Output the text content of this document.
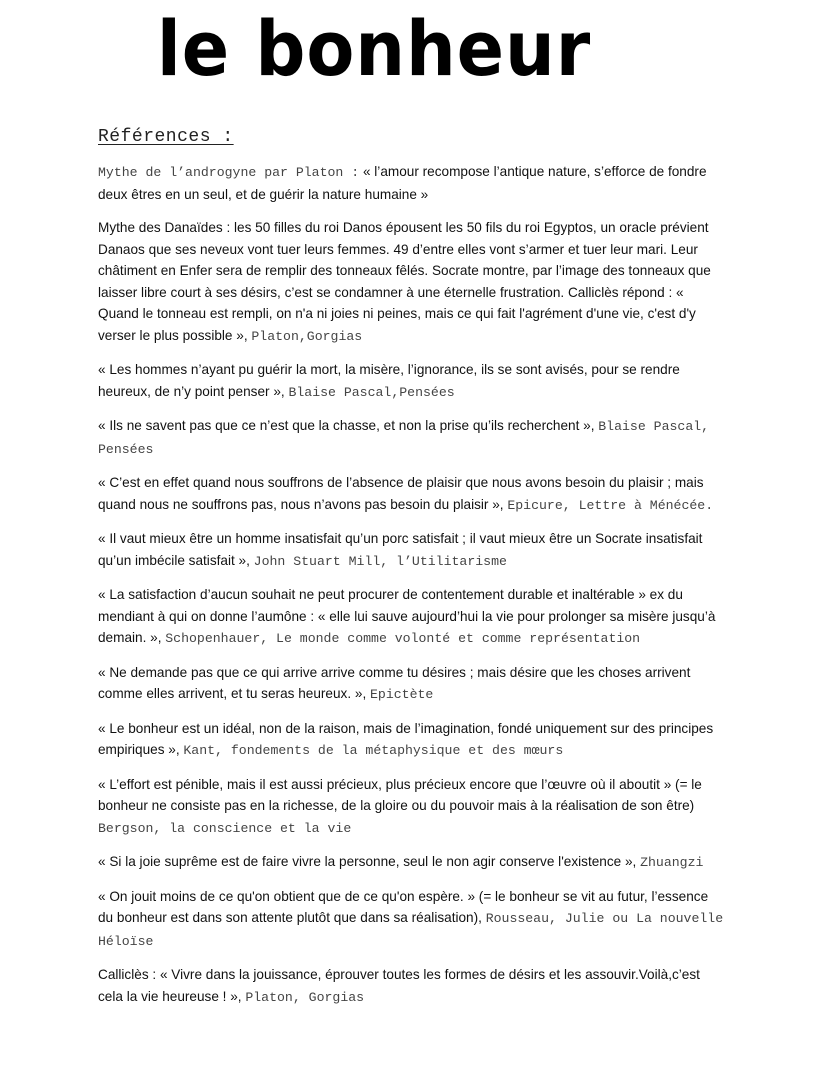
le bonheur
Références :

Mythe de l’androgyne par Platon : « l’amour recompose l’antique nature, s’efforce de fondre deux êtres en un seul, et de guérir la nature humaine »

Mythe des Danaïdes : les 50 filles du roi Danos épousent les 50 fils du roi Egyptos, un oracle prévient Danaos que ses neveux vont tuer leurs femmes. 49 d’entre elles vont s’armer et tuer leur mari. Leur châtiment en Enfer sera de remplir des tonneaux fêlés. Socrate montre, par l’image des tonneaux que laisser libre court à ses désirs, c’est se condamner à une éternelle frustration. Calliclès répond : « Quand le tonneau est rempli, on n'a ni joies ni peines, mais ce qui fait l'agrément d'une vie, c'est d'y verser le plus possible », Platon,Gorgias

« Les hommes n’ayant pu guérir la mort, la misère, l’ignorance, ils se sont avisés, pour se rendre heureux, de n’y point penser », Blaise Pascal,Pensées

« Ils ne savent pas que ce n’est que la chasse, et non la prise qu’ils recherchent », Blaise Pascal, Pensées

« C’est en effet quand nous souffrons de l’absence de plaisir que nous avons besoin du plaisir ; mais quand nous ne souffrons pas, nous n’avons pas besoin du plaisir », Epicure, Lettre à Ménécée.

« Il vaut mieux être un homme insatisfait qu’un porc satisfait ; il vaut mieux être un Socrate insatisfait qu’un imbécile satisfait », John Stuart Mill, l’Utilitarisme

« La satisfaction d’aucun souhait ne peut procurer de contentement durable et inaltérable » ex du mendiant à qui on donne l’aumône : « elle lui sauve aujourd’hui la vie pour prolonger sa misère jusqu’à demain. », Schopenhauer, Le monde comme volonté et comme représentation

« Ne demande pas que ce qui arrive arrive comme tu désires ; mais désire que les choses arrivent comme elles arrivent, et tu seras heureux. », Epictète

« Le bonheur est un idéal, non de la raison, mais de l’imagination, fondé uniquement sur des principes empiriques », Kant, fondements de la métaphysique et des mœurs

« L’effort est pénible, mais il est aussi précieux, plus précieux encore que l’œuvre où il aboutit » (= le bonheur ne consiste pas en la richesse, de la gloire ou du pouvoir mais à la réalisation de son être) Bergson, la conscience et la vie

« Si la joie suprême est de faire vivre la personne, seul le non agir conserve l'existence », Zhuangzi

« On jouit moins de ce qu'on obtient que de ce qu'on espère. » (= le bonheur se vit au futur, l’essence du bonheur est dans son attente plutôt que dans sa réalisation), Rousseau, Julie ou La nouvelle Héloïse

Calliclès : « Vivre dans la jouissance, éprouver toutes les formes de désirs et les assouvir.Voilà,c’est cela la vie heureuse ! », Platon, Gorgias
